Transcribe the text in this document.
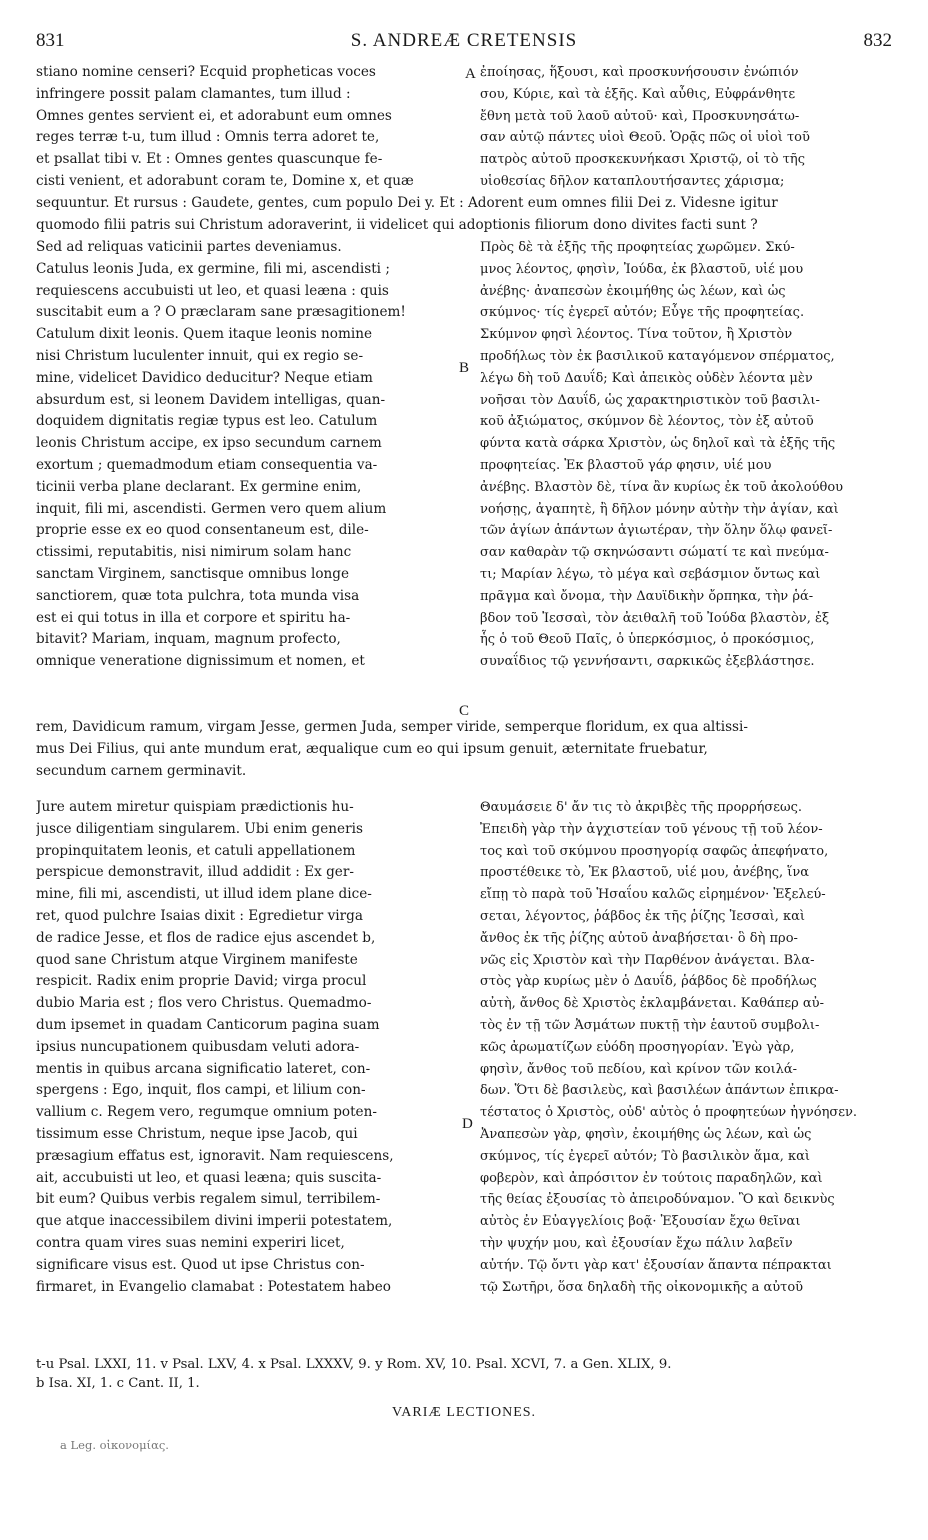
831	S. ANDREÆ CRETENSIS	832
A
B
C
D
stiano nomine censeri? Ecquid propheticas voces
infringere possit palam clamantes, tum illud :
Omnes gentes servient ei, et adorabunt eum omnes
reges terræ t-u, tum illud : Omnis terra adoret te,
et psallat tibi v. Et : Omnes gentes quascunque fe-
cisti venient, et adorabunt coram te, Domine x, et quæ
ἐποίησας, ἥξουσι, καὶ προσκυνήσουσιν ἐνώπιόν
σου, Κύριε, καὶ τὰ ἑξῆς. Καὶ αὖθις, Εὐφράνθητε
ἔθνη μετὰ τοῦ λαοῦ αὐτοῦ· καὶ, Προσκυνησάτω-
σαν αὐτῷ πάντες υἱοὶ Θεοῦ. Ὁρᾷς πῶς οἱ υἱοὶ τοῦ
πατρὸς αὐτοῦ προσκεκυνήκασι Χριστῷ, οἱ τὸ τῆς
υἱοθεσίας δῆλον καταπλουτήσαντες χάρισμα;
sequuntur. Et rursus : Gaudete, gentes, cum populo Dei y. Et : Adorent eum omnes filii Dei z. Videsne igitur
quomodo filii patris sui Christum adoraverint, ii videlicet qui adoptionis filiorum dono divites facti sunt ?
Sed ad reliquas vaticinii partes deveniamus.
Catulus leonis Juda, ex germine, fili mi, ascendisti ;
requiescens accubuisti ut leo, et quasi leæna : quis
suscitabit eum a ? O præclaram sane præsagitionem!
Catulum dixit leonis. Quem itaque leonis nomine
nisi Christum luculenter innuit, qui ex regio se-
mine, videlicet Davidico deducitur? Neque etiam
absurdum est, si leonem Davidem intelligas, quan-
doquidem dignitatis regiæ typus est leo. Catulum
leonis Christum accipe, ex ipso secundum carnem
exortum ; quemadmodum etiam consequentia va-
ticinii verba plane declarant. Ex germine enim,
inquit, fili mi, ascendisti. Germen vero quem alium
proprie esse ex eo quod consentaneum est, dile-
ctissimi, reputabitis, nisi nimirum solam hanc
sanctam Virginem, sanctisque omnibus longe
sanctiorem, quæ tota pulchra, tota munda visa
est ei qui totus in illa et corpore et spiritu ha-
bitavit? Mariam, inquam, magnum profecto,
omnique veneratione dignissimum et nomen, et
Πρὸς δὲ τὰ ἑξῆς τῆς προφητείας χωρῶμεν. Σκύ-
μνος λέοντος, φησὶν, Ἰούδα, ἐκ βλαστοῦ, υἱέ μου
ἀνέβης· ἀναπεσὼν ἐκοιμήθης ὡς λέων, καὶ ὡς
σκύμνος· τίς ἐγερεῖ αὐτόν; Εὖγε τῆς προφητείας.
Σκύμνον φησὶ λέοντος. Τίνα τοῦτον, ἢ Χριστὸν
προδήλως τὸν ἐκ βασιλικοῦ καταγόμενον σπέρματος,
λέγω δὴ τοῦ Δαυΐδ; Καὶ ἀπεικὸς οὐδὲν λέοντα μὲν
νοῆσαι τὸν Δαυΐδ, ὡς χαρακτηριστικὸν τοῦ βασιλι-
κοῦ ἀξιώματος, σκύμνον δὲ λέοντος, τὸν ἐξ αὐτοῦ
φύντα κατὰ σάρκα Χριστὸν, ὡς δηλοῖ καὶ τὰ ἑξῆς τῆς
προφητείας. Ἐκ βλαστοῦ γάρ φησιν, υἱέ μου
ἀνέβης. Βλαστὸν δὲ, τίνα ἂν κυρίως ἐκ τοῦ ἀκολούθου
νοήσῃς, ἀγαπητὲ, ἢ δῆλον μόνην αὐτὴν τὴν ἁγίαν, καὶ
τῶν ἁγίων ἁπάντων ἁγιωτέραν, τὴν ὅλην ὅλῳ φανεῖ-
σαν καθαρὰν τῷ σκηνώσαντι σώματί τε καὶ πνεύμα-
τι; Μαρίαν λέγω, τὸ μέγα καὶ σεβάσμιον ὄντως καὶ
πρᾶγμα καὶ ὄνομα, τὴν Δαυϊδικὴν ὄρπηκα, τὴν ῥά-
βδον τοῦ Ἰεσσαὶ, τὸν ἀειθαλῆ τοῦ Ἰούδα βλαστὸν, ἐξ
ἧς ὁ τοῦ Θεοῦ Παῖς, ὁ ὑπερκόσμιος, ὁ προκόσμιος,
συναΐδιος τῷ γεννήσαντι, σαρκικῶς ἐξεβλάστησε.
rem, Davidicum ramum, virgam Jesse, germen Juda, semper viride, semperque floridum, ex qua altissi-
mus Dei Filius, qui ante mundum erat, æqualique cum eo qui ipsum genuit, æternitate fruebatur,
secundum carnem germinavit.
Jure autem miretur quispiam prædictionis hu-
jusce diligentiam singularem. Ubi enim generis
propinquitatem leonis, et catuli appellationem
perspicue demonstravit, illud addidit : Ex ger-
mine, fili mi, ascendisti, ut illud idem plane dice-
ret, quod pulchre Isaias dixit : Egredietur virga
de radice Jesse, et flos de radice ejus ascendet b,
quod sane Christum atque Virginem manifeste
respicit. Radix enim proprie David; virga procul
dubio Maria est ; flos vero Christus. Quemadmo-
dum ipsemet in quadam Canticorum pagina suam
ipsius nuncupationem quibusdam veluti adora-
mentis in quibus arcana significatio lateret, con-
spergens : Ego, inquit, flos campi, et lilium con-
vallium c. Regem vero, regumque omnium poten-
tissimum esse Christum, neque ipse Jacob, qui
præsagium effatus est, ignoravit. Nam requiescens,
ait, accubuisti ut leo, et quasi leæna; quis suscita-
bit eum? Quibus verbis regalem simul, terribilem-
que atque inaccessibilem divini imperii potestatem,
contra quam vires suas nemini experiri licet,
significare visus est. Quod ut ipse Christus con-
firmaret, in Evangelio clamabat : Potestatem habeo
Θαυμάσειε δ' ἄν τις τὸ ἀκριβὲς τῆς προρρήσεως.
Ἐπειδὴ γὰρ τὴν ἀγχιστείαν τοῦ γένους τῇ τοῦ λέον-
τος καὶ τοῦ σκύμνου προσηγορίᾳ σαφῶς ἀπεφήνατο,
προστέθεικε τὸ, Ἐκ βλαστοῦ, υἱέ μου, ἀνέβης, ἵνα
εἴπῃ τὸ παρὰ τοῦ Ἡσαΐου καλῶς εἰρημένον· Ἐξελεύ-
σεται, λέγοντος, ῥάβδος ἐκ τῆς ῥίζης Ἰεσσαὶ, καὶ
ἄνθος ἐκ τῆς ῥίζης αὐτοῦ ἀναβήσεται· ὃ δὴ προ-
νῶς εἰς Χριστὸν καὶ τὴν Παρθένον ἀνάγεται. Βλα-
στὸς γὰρ κυρίως μὲν ὁ Δαυΐδ, ῥάβδος δὲ προδήλως
αὐτὴ, ἄνθος δὲ Χριστὸς ἐκλαμβάνεται. Καθάπερ αὐ-
τὸς ἐν τῇ τῶν Ἀσμάτων πυκτῇ τὴν ἑαυτοῦ συμβολι-
κῶς ἀρωματίζων εὐόδη προσηγορίαν. Ἐγὼ γὰρ,
φησὶν, ἄνθος τοῦ πεδίου, καὶ κρίνον τῶν κοιλά-
δων. Ὅτι δὲ βασιλεὺς, καὶ βασιλέων ἁπάντων ἐπικρα-
τέστατος ὁ Χριστὸς, οὐδ' αὐτὸς ὁ προφητεύων ἠγνόησεν.
Ἀναπεσὼν γὰρ, φησὶν, ἐκοιμήθης ὡς λέων, καὶ ὡς
σκύμνος, τίς ἐγερεῖ αὐτόν; Τὸ βασιλικὸν ἅμα, καὶ
φοβερὸν, καὶ ἀπρόσιτον ἐν τούτοις παραδηλῶν, καὶ
τῆς θείας ἐξουσίας τὸ ἀπειροδύναμον. Ὃ καὶ δεικνὺς
αὐτὸς ἐν Εὐαγγελίοις βοᾷ· Ἐξουσίαν ἔχω θεῖναι
τὴν ψυχήν μου, καὶ ἐξουσίαν ἔχω πάλιν λαβεῖν
αὐτήν. Τῷ ὄντι γὰρ κατ' ἐξουσίαν ἅπαντα πέπρακται
τῷ Σωτῆρι, ὅσα δηλαδὴ τῆς οἰκονομικῆς a αὐτοῦ
t-u Psal. LXXI, 11. v Psal. LXV, 4. x Psal. LXXXV, 9. y Rom. XV, 10. Psal. XCVI, 7. a Gen. XLIX, 9.
b Isa. XI, 1. c Cant. II, 1.
VARIÆ LECTIONES.
a Leg. οἰκονομίας.
